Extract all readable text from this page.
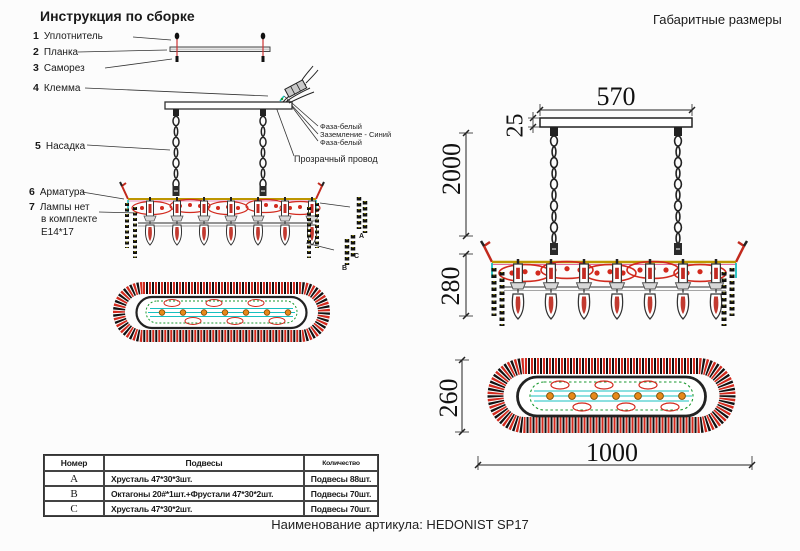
Инструкция по сборке	Габаритные размеры
1 Уплотнитель
2 Планка
3 Саморез
4 Клемма
5 Насадка
6 Арматура
7 Лампы нет
в комплекте
Е14*17
Фаза-белый
Заземление - Синий
Фаза-белый
Прозрачный провод
А
С
В
570
25
2000
280
260
1000
Номер	Подвесы	Количество
А	Хрусталь 47*30*3шт.	Подвесы 88шт.
В	Октагоны 20#*1шт.+Фрустали 47*30*2шт.	Подвесы 70шт.
С	Хрусталь 47*30*2шт.	Подвесы 70шт.
Наименование артикула: HEDONIST SP17
